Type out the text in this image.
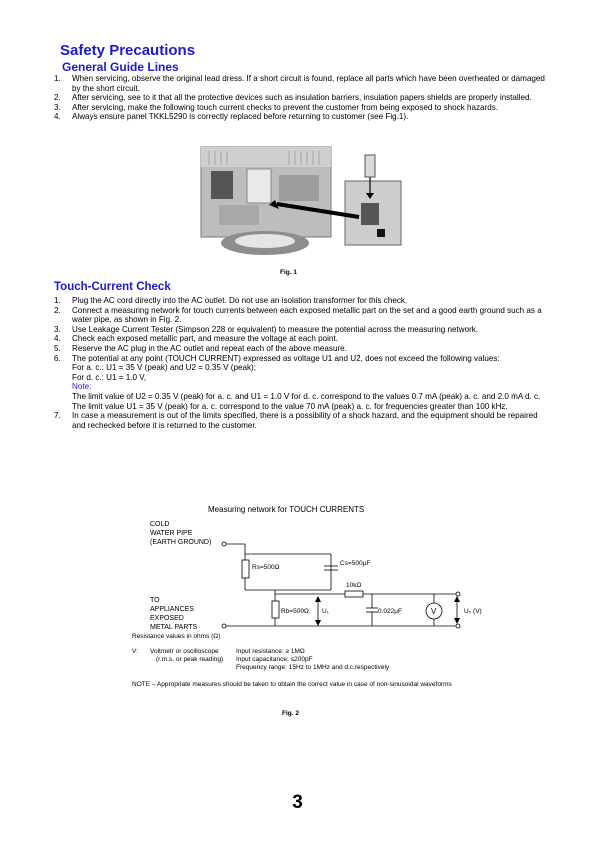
Safety Precautions
General Guide Lines
1. When servicing, observe the original lead dress. If a short circuit is found, replace all parts which have been overheated or damaged by the short circuit.
2. After servicing, see to it that all the protective devices such as insulation barriers, insulation papers shields are properly installed.
3. After servicing, make the following touch current checks to prevent the customer from being exposed to shock hazards.
4. Always ensure panel TKKL5290 is correctly replaced before returning to customer (see Fig.1).
Fig. 1
Touch-Current Check
1. Plug the AC cord directly into the AC outlet. Do not use an isolation transformer for this check.
2. Connect a measuring network for touch currents between each exposed metallic part on the set and a good earth ground such as a water pipe, as shown in Fig. 2.
3. Use Leakage Current Tester (Simpson 228 or equivalent) to measure the potential across the measuring network.
4. Check each exposed metallic part, and measure the voltage at each point.
5. Reserve the AC plug in the AC outlet and repeat each of the above measure.
6. The potential at any point (TOUCH CURRENT) expressed as voltage U1 and U2, does not exceed the following values:
For a. c.: U1 = 35 V (peak) and U2 = 0.35 V (peak);
For d. c.: U1 = 1.0 V,
Note:
The limit value of U2 = 0.35 V (peak) for a. c. and U1 = 1.0 V for d. c. correspond to the values 0.7 mA (peak) a. c. and 2.0 mA d. c.
The limit value U1 = 35 V (peak) for a. c. correspond to the value 70 mA (peak) a. c. for frequencies greater than 100 kHz.
7. In case a measurement is out of the limits specified, there is a possibility of a shock hazard, and the equipment should be repaired and rechecked before it is returned to the customer.
Measuring network for TOUCH CURRENTS
COLD
WATER PIPE
(EARTH GROUND)
TO
APPLIANCES
EXPOSED
METAL PARTS
Rs=500Ω
Cs=500µF
10kΩ
Rb=500Ω U₁	0.022µF	V	U₂ (V)
Resistance values in ohms (Ω)
V: Voltmetr or oscilloscope
(r.m.s. or peak reading)
Input resistance: ≥ 1MΩ
Input capacitance: ≤200pF
Frequency range: 15Hz to 1MHz and d.c.respectively
NOTE – Appropriate measures should be taken to obtain the correct value in case of non-sinusoidal waveforms
Fig. 2
3
